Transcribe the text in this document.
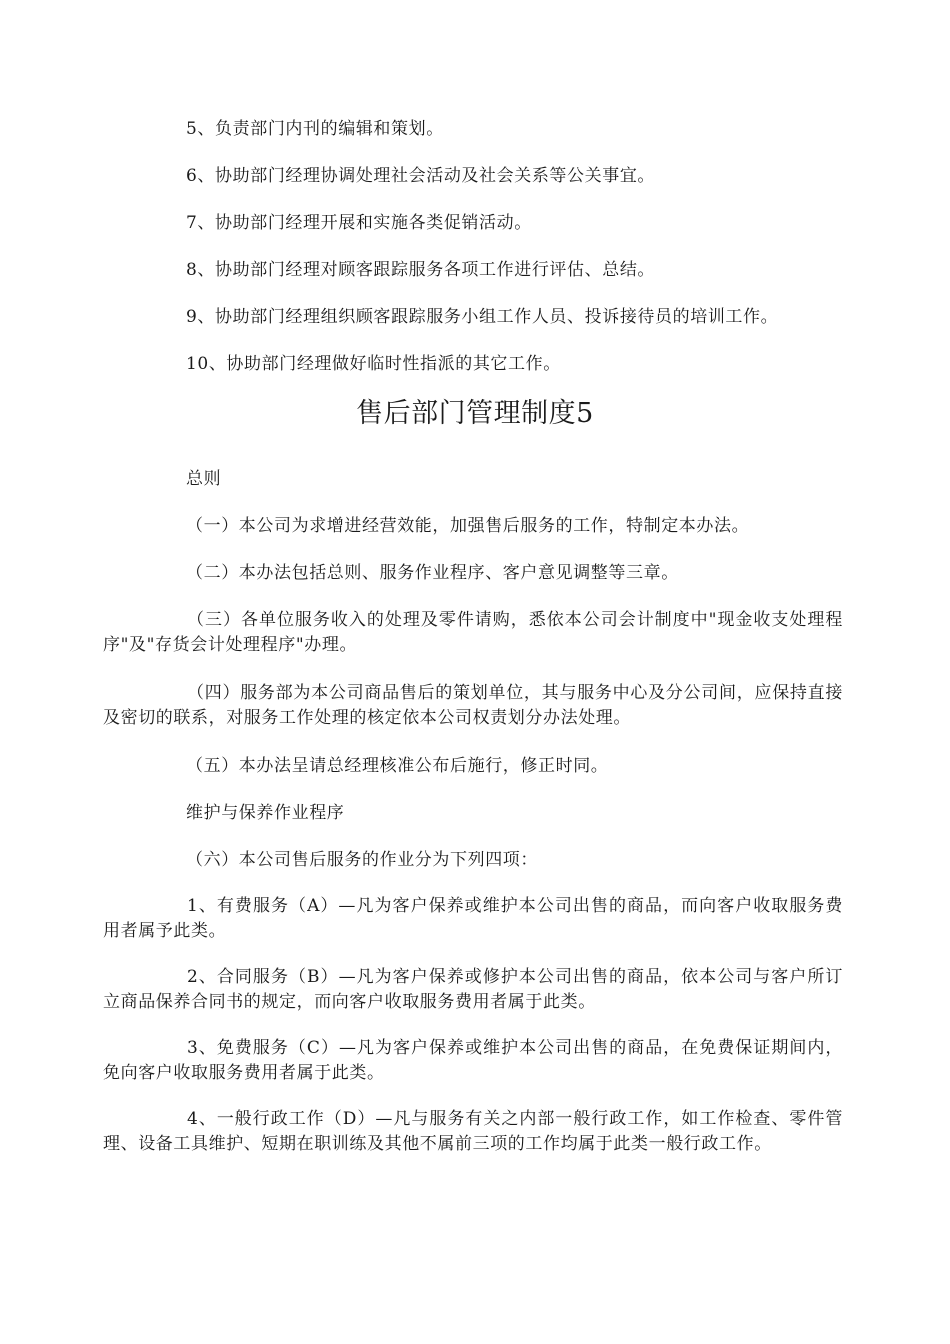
5、负责部门内刊的编辑和策划。
6、协助部门经理协调处理社会活动及社会关系等公关事宜。
7、协助部门经理开展和实施各类促销活动。
8、协助部门经理对顾客跟踪服务各项工作进行评估、总结。
9、协助部门经理组织顾客跟踪服务小组工作人员、投诉接待员的培训工作。
10、协助部门经理做好临时性指派的其它工作。
售后部门管理制度5
总则
（一）本公司为求增进经营效能，加强售后服务的工作，特制定本办法。
（二）本办法包括总则、服务作业程序、客户意见调整等三章。
（三）各单位服务收入的处理及零件请购，悉依本公司会计制度中"现金收支处理程序"及"存货会计处理程序"办理。
（四）服务部为本公司商品售后的策划单位，其与服务中心及分公司间，应保持直接及密切的联系，对服务工作处理的核定依本公司权责划分办法处理。
（五）本办法呈请总经理核准公布后施行，修正时同。
维护与保养作业程序
（六）本公司售后服务的作业分为下列四项：
1、有费服务（A）—凡为客户保养或维护本公司出售的商品，而向客户收取服务费用者属予此类。
2、合同服务（B）—凡为客户保养或修护本公司出售的商品，依本公司与客户所订立商品保养合同书的规定，而向客户收取服务费用者属于此类。
3、免费服务（C）—凡为客户保养或维护本公司出售的商品，在免费保证期间内，免向客户收取服务费用者属于此类。
4、一般行政工作（D）—凡与服务有关之内部一般行政工作，如工作检查、零件管理、设备工具维护、短期在职训练及其他不属前三项的工作均属于此类一般行政工作。
